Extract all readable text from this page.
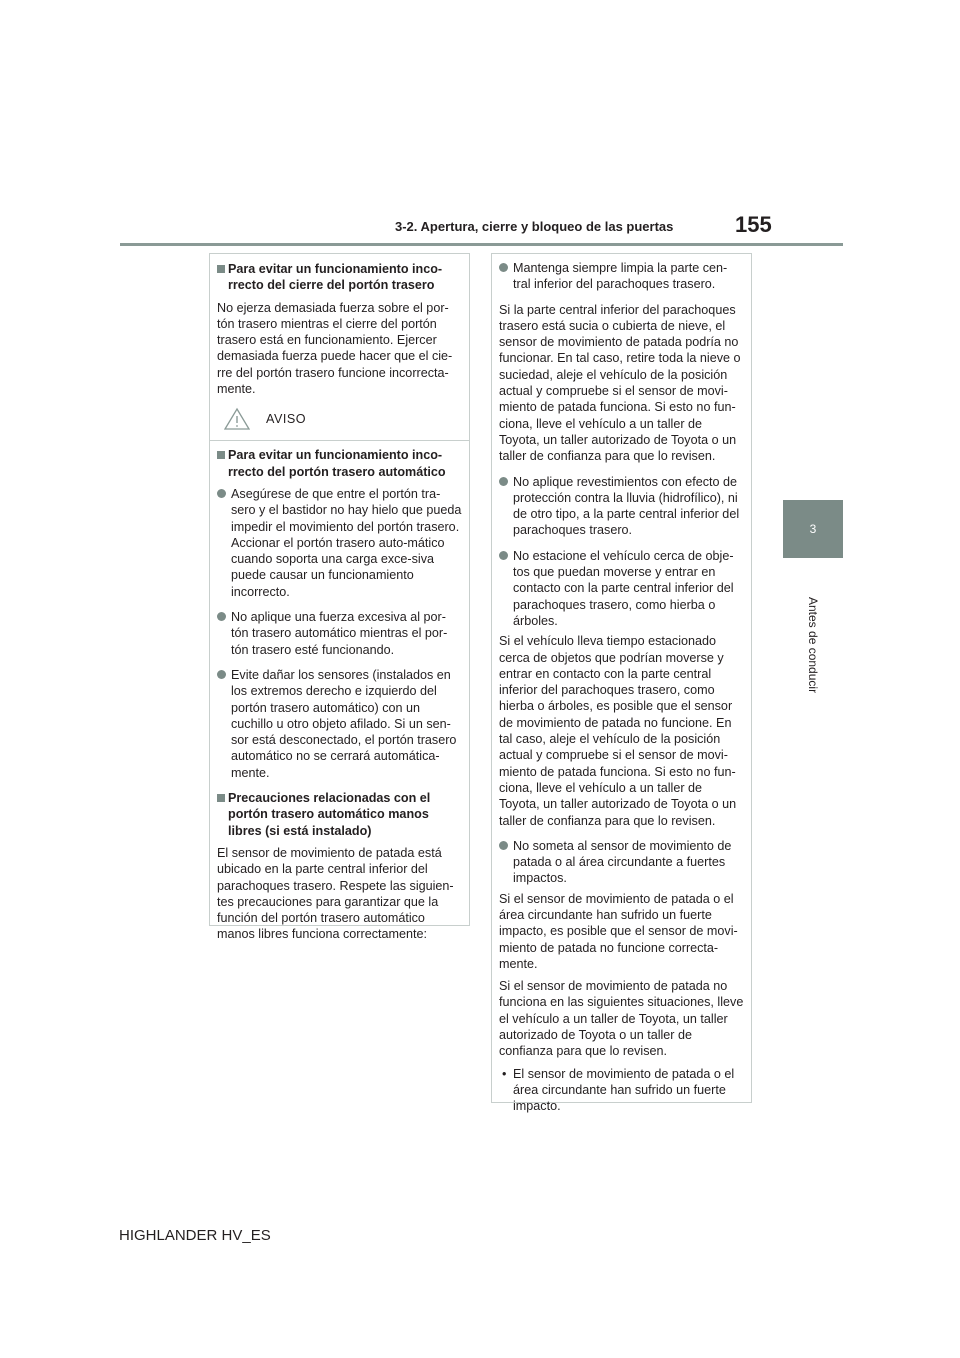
3-2. Apertura, cierre y bloqueo de las puertas	155
3
Antes de conducir
Para evitar un funcionamiento inco-rrecto del cierre del portón trasero
No ejerza demasiada fuerza sobre el por-tón trasero mientras el cierre del portón trasero está en funcionamiento. Ejercer demasiada fuerza puede hacer que el cie-rre del portón trasero funcione incorrecta-mente.
AVISO
Para evitar un funcionamiento inco-rrecto del portón trasero automático
Asegúrese de que entre el portón tra-sero y el bastidor no hay hielo que pueda impedir el movimiento del portón trasero. Accionar el portón trasero auto-mático cuando soporta una carga exce-siva puede causar un funcionamiento incorrecto.
No aplique una fuerza excesiva al por-tón trasero automático mientras el por-tón trasero esté funcionando.
Evite dañar los sensores (instalados en los extremos derecho e izquierdo del portón trasero automático) con un cuchillo u otro objeto afilado. Si un sen-sor está desconectado, el portón trasero automático no se cerrará automática-mente.
Precauciones relacionadas con el portón trasero automático manos libres (si está instalado)
El sensor de movimiento de patada está ubicado en la parte central inferior del parachoques trasero. Respete las siguien-tes precauciones para garantizar que la función del portón trasero automático manos libres funciona correctamente:
Mantenga siempre limpia la parte cen-tral inferior del parachoques trasero.
Si la parte central inferior del parachoques trasero está sucia o cubierta de nieve, el sensor de movimiento de patada podría no funcionar. En tal caso, retire toda la nieve o suciedad, aleje el vehículo de la posición actual y compruebe si el sensor de movi-miento de patada funciona. Si esto no fun-ciona, lleve el vehículo a un taller de Toyota, un taller autorizado de Toyota o un taller de confianza para que lo revisen.
No aplique revestimientos con efecto de protección contra la lluvia (hidrofílico), ni de otro tipo, a la parte central inferior del parachoques trasero.
No estacione el vehículo cerca de obje-tos que puedan moverse y entrar en contacto con la parte central inferior del parachoques trasero, como hierba o árboles.
Si el vehículo lleva tiempo estacionado cerca de objetos que podrían moverse y entrar en contacto con la parte central inferior del parachoques trasero, como hierba o árboles, es posible que el sensor de movimiento de patada no funcione. En tal caso, aleje el vehículo de la posición actual y compruebe si el sensor de movi-miento de patada funciona. Si esto no fun-ciona, lleve el vehículo a un taller de Toyota, un taller autorizado de Toyota o un taller de confianza para que lo revisen.
No someta al sensor de movimiento de patada o al área circundante a fuertes impactos.
Si el sensor de movimiento de patada o el área circundante han sufrido un fuerte impacto, es posible que el sensor de movi-miento de patada no funcione correcta-mente.
Si el sensor de movimiento de patada no funciona en las siguientes situaciones, lleve el vehículo a un taller de Toyota, un taller autorizado de Toyota o un taller de confianza para que lo revisen.
• El sensor de movimiento de patada o el área circundante han sufrido un fuerte impacto.
HIGHLANDER HV_ES
